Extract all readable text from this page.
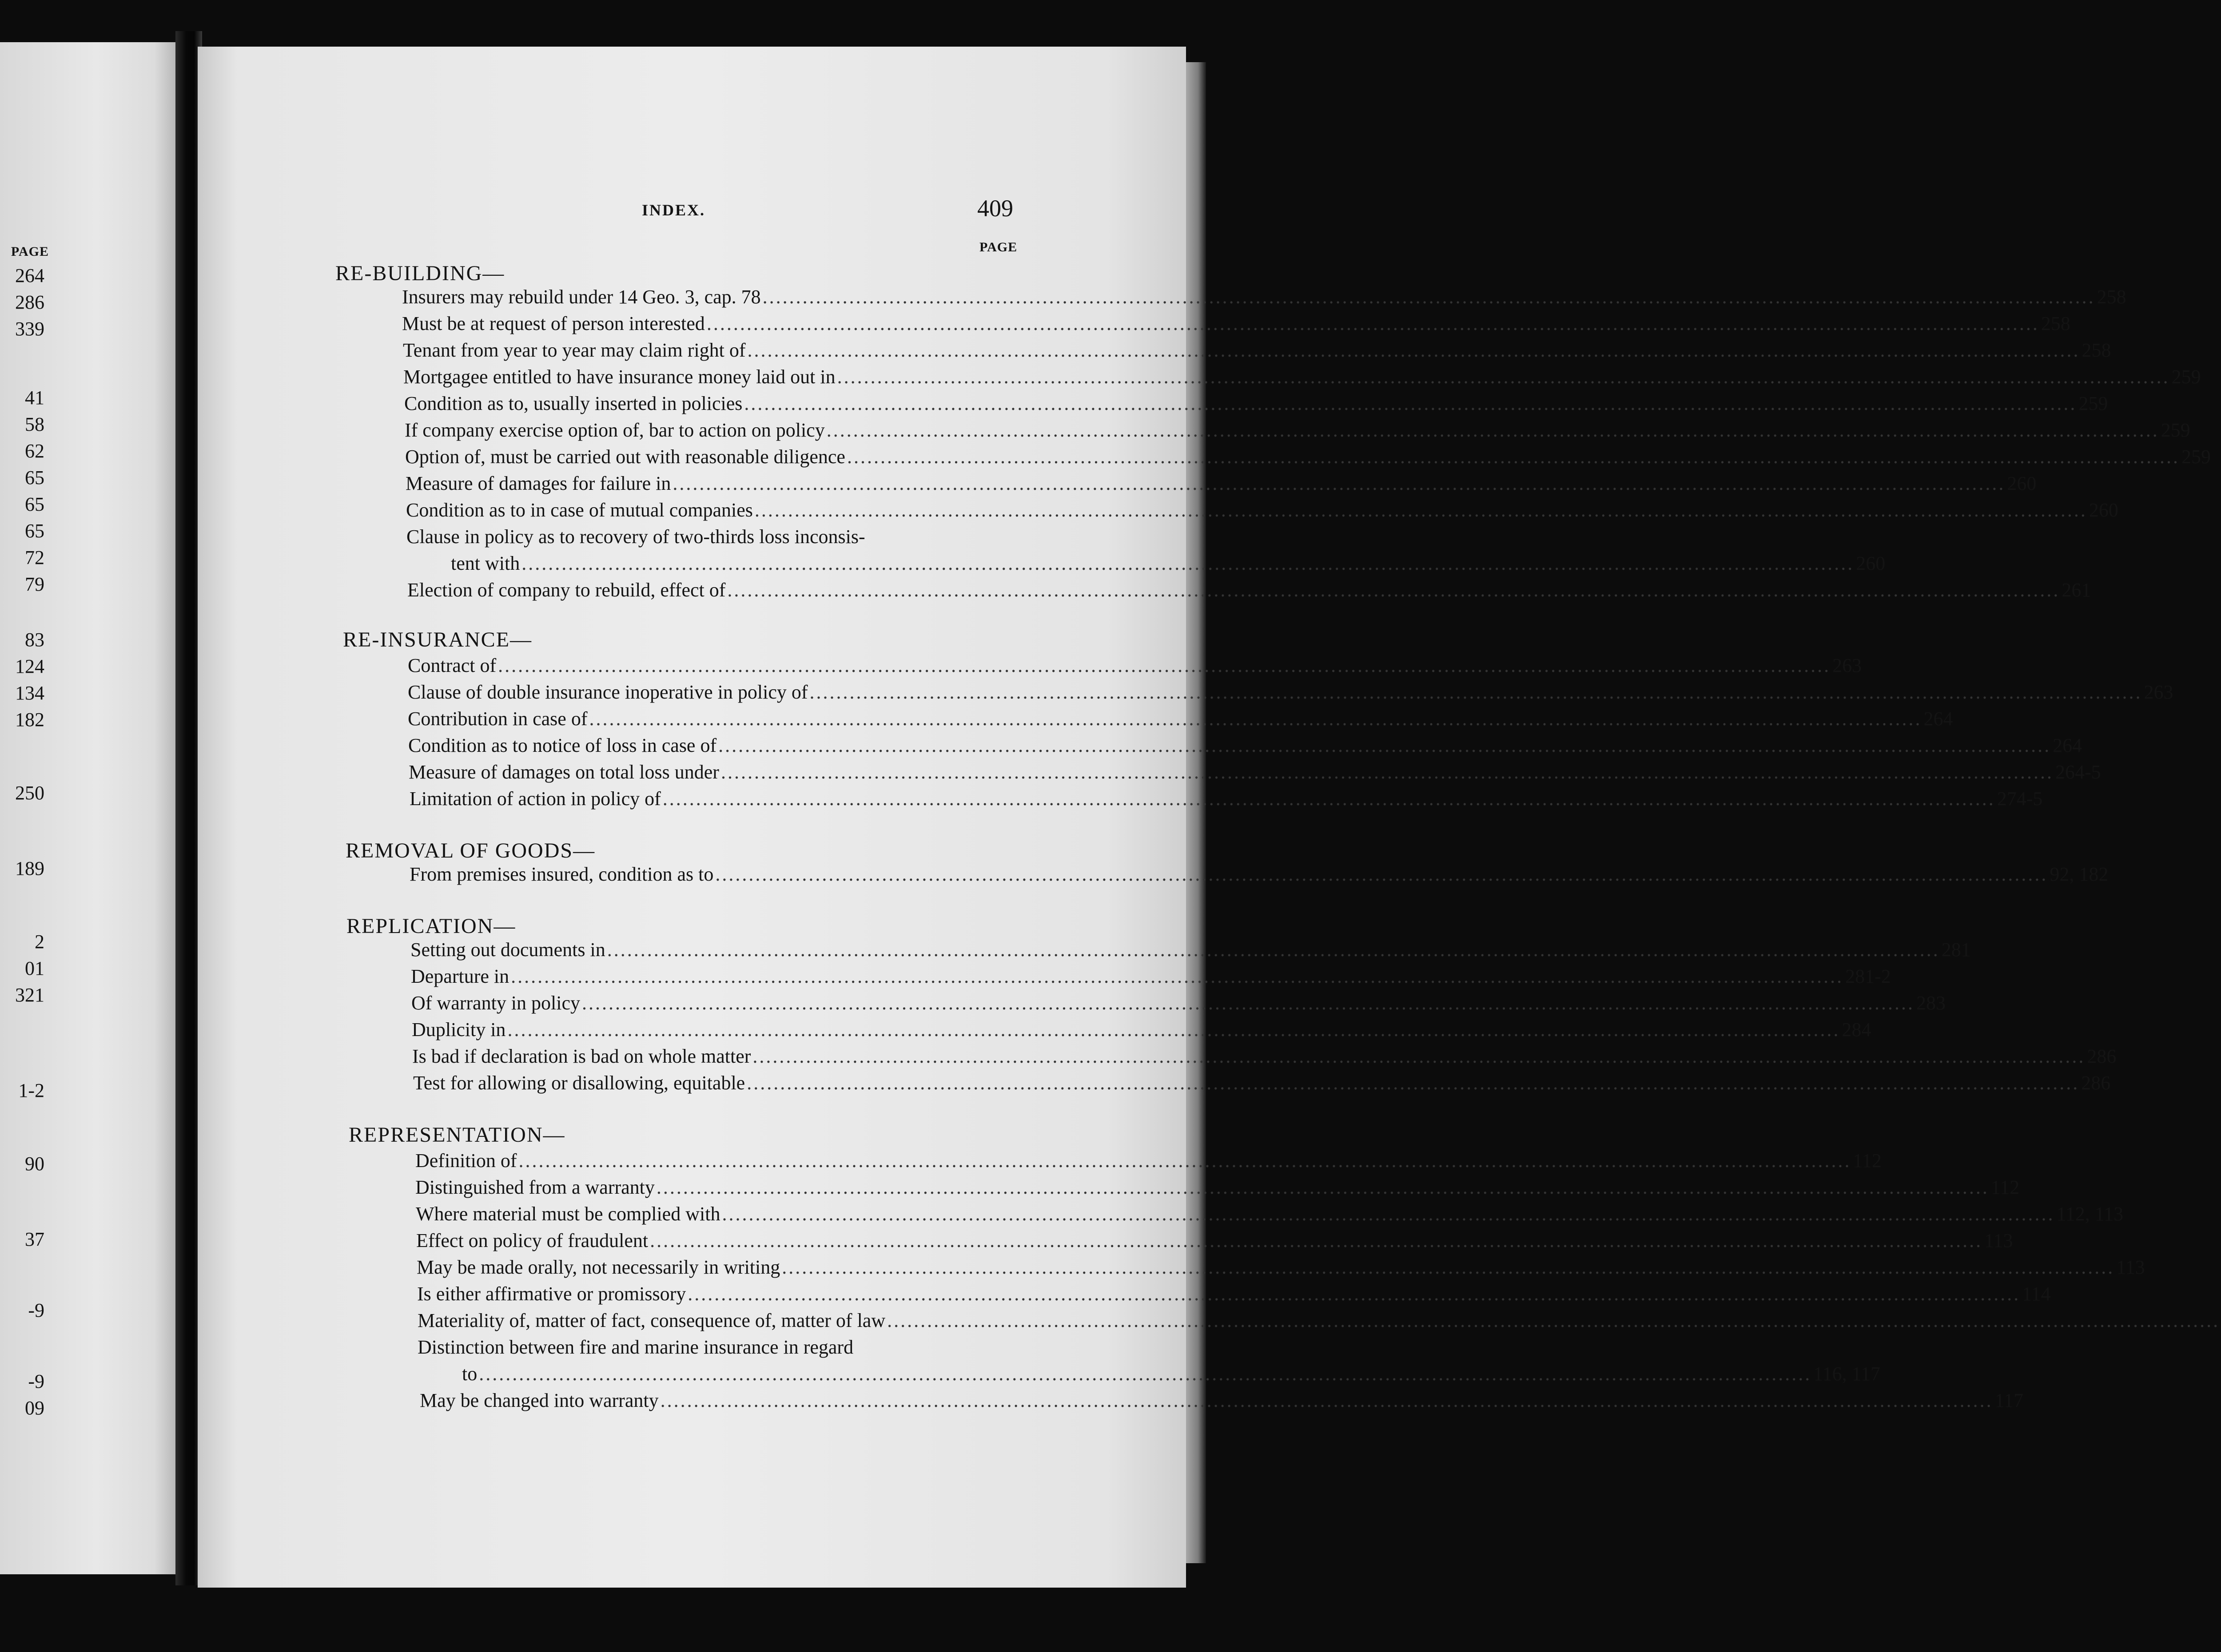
PAGE
264
286
339
41
58
62
65
65
65
72
79
83
124
134
182
250
189
2
01
321
1-2
90
37
-9
-9
09
INDEX.	409
PAGE
RE-BUILDING—
Insurers may rebuild under 14 Geo. 3, cap. 78 ........................................................................................................................................................................................................ 258
Must be at request of person interested ........................................................................................................................................................................................................ 258
Tenant from year to year may claim right of ........................................................................................................................................................................................................ 258
Mortgagee entitled to have insurance money laid out in ........................................................................................................................................................................................................ 259
Condition as to, usually inserted in policies ........................................................................................................................................................................................................ 259
If company exercise option of, bar to action on policy ........................................................................................................................................................................................................ 259
Option of, must be carried out with reasonable diligence ........................................................................................................................................................................................................ 259
Measure of damages for failure in ........................................................................................................................................................................................................ 260
Condition as to in case of mutual companies ........................................................................................................................................................................................................ 260
Clause in policy as to recovery of two-thirds loss inconsis-
tent with ........................................................................................................................................................................................................ 260
Election of company to rebuild, effect of ........................................................................................................................................................................................................ 261
RE-INSURANCE—
Contract of ........................................................................................................................................................................................................ 263
Clause of double insurance inoperative in policy of ........................................................................................................................................................................................................ 263
Contribution in case of ........................................................................................................................................................................................................ 264
Condition as to notice of loss in case of ........................................................................................................................................................................................................ 264
Measure of damages on total loss under ........................................................................................................................................................................................................ 264-5
Limitation of action in policy of ........................................................................................................................................................................................................ 274-5
REMOVAL OF GOODS—
From premises insured, condition as to ........................................................................................................................................................................................................ 92, 182
REPLICATION—
Setting out documents in ........................................................................................................................................................................................................ 281
Departure in ........................................................................................................................................................................................................ 281-2
Of warranty in policy ........................................................................................................................................................................................................ 283
Duplicity in ........................................................................................................................................................................................................ 284
Is bad if declaration is bad on whole matter ........................................................................................................................................................................................................ 286
Test for allowing or disallowing, equitable ........................................................................................................................................................................................................ 286
REPRESENTATION—
Definition of ........................................................................................................................................................................................................ 112
Distinguished from a warranty ........................................................................................................................................................................................................ 112
Where material must be complied with ........................................................................................................................................................................................................ 112, 113
Effect on policy of fraudulent ........................................................................................................................................................................................................ 113
May be made orally, not necessarily in writing ........................................................................................................................................................................................................ 113
Is either affirmative or promissory ........................................................................................................................................................................................................ 114
Materiality of, matter of fact, consequence of, matter of law ........................................................................................................................................................................................................
Distinction between fire and marine insurance in regard
to ........................................................................................................................................................................................................ 116, 117
May be changed into warranty ........................................................................................................................................................................................................ 117
